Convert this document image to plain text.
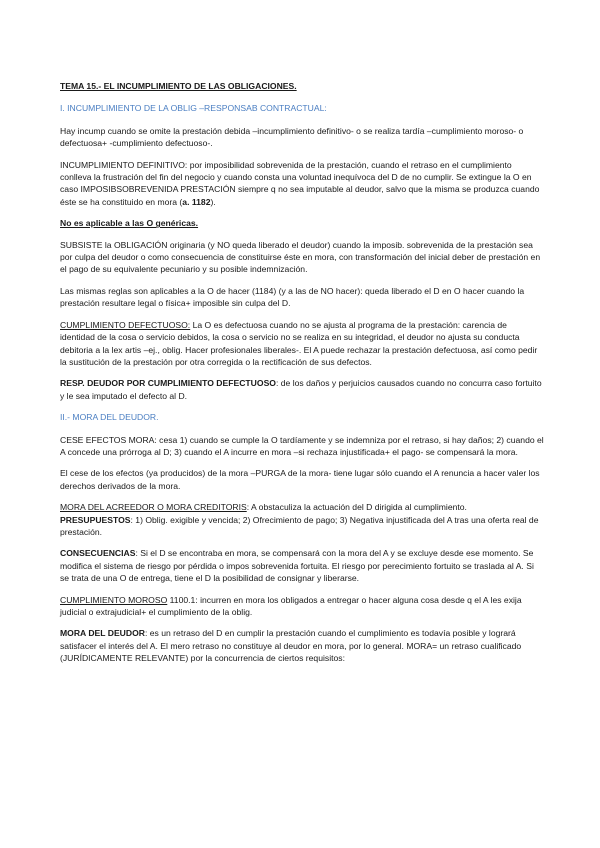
TEMA 15.- EL INCUMPLIMIENTO DE LAS OBLIGACIONES.

I. INCUMPLIMIENTO DE LA OBLIG –RESPONSAB CONTRACTUAL:

Hay incump cuando se omite la prestación debida –incumplimiento definitivo- o se realiza tardía –cumplimiento moroso- o defectuosa+ -cumplimiento defectuoso-.

INCUMPLIMIENTO DEFINITIVO: por imposibilidad sobrevenida de la prestación, cuando el retraso en el cumplimiento conlleva la frustración del fin del negocio y cuando consta una voluntad inequívoca del D de no cumplir. Se extingue la O en caso IMPOSIBSOBREVENIDA PRESTACIÓN siempre q no sea imputable al deudor, salvo que la misma se produzca cuando éste se ha constituido en mora (a. 1182).

No es aplicable a las O genéricas.

SUBSISTE la OBLIGACIÓN originaria (y NO queda liberado el deudor) cuando la imposib. sobrevenida de la prestación sea por culpa del deudor o como consecuencia de constituirse éste en mora, con transformación del inicial deber de prestación en el pago de su equivalente pecuniario y su posible indemnización.

Las mismas reglas son aplicables a la O de hacer (1184) (y a las de NO hacer): queda liberado el D en O hacer cuando la prestación resultare legal o física+ imposible sin culpa del D.

CUMPLIMIENTO DEFECTUOSO: La O es defectuosa cuando no se ajusta al programa de la prestación: carencia de identidad de la cosa o servicio debidos, la cosa o servicio no se realiza en su integridad, el deudor no ajusta su conducta debitoria a la lex artis –ej., oblig. Hacer profesionales liberales-. El A puede rechazar la prestación defectuosa, así como pedir la sustitución de la prestación por otra corregida o la rectificación de sus defectos.

RESP. DEUDOR POR CUMPLIMIENTO DEFECTUOSO: de los daños y perjuicios causados cuando no concurra caso fortuito y le sea imputado el defecto al D.

II.- MORA DEL DEUDOR.

CESE EFECTOS MORA: cesa 1) cuando se cumple la O tardíamente y se indemniza por el retraso, si hay daños; 2) cuando el A concede una prórroga al D; 3) cuando el A incurre en mora –si rechaza injustificada+ el pago- se compensará la mora.

El cese de los efectos (ya producidos) de la mora –PURGA de la mora- tiene lugar sólo cuando el A renuncia a hacer valer los derechos derivados de la mora.

MORA DEL ACREEDOR O MORA CREDITORIS: A obstaculiza la actuación del D dirigida al cumplimiento.
PRESUPUESTOS: 1) Oblig. exigible y vencida; 2) Ofrecimiento de pago; 3) Negativa injustificada del A tras una oferta real de prestación.

CONSECUENCIAS: Si el D se encontraba en mora, se compensará con la mora del A y se excluye desde ese momento. Se modifica el sistema de riesgo por pérdida o impos sobrevenida fortuita. El riesgo por perecimiento fortuito se traslada al A. Si se trata de una O de entrega, tiene el D la posibilidad de consignar y liberarse.

CUMPLIMIENTO MOROSO 1100.1: incurren en mora los obligados a entregar o hacer alguna cosa desde q el A les exija judicial o extrajudicial+ el cumplimiento de la oblig.

MORA DEL DEUDOR: es un retraso del D en cumplir la prestación cuando el cumplimiento es todavía posible y logrará satisfacer el interés del A. El mero retraso no constituye al deudor en mora, por lo general. MORA= un retraso cualificado (JURÍDICAMENTE RELEVANTE) por la concurrencia de ciertos requisitos:
